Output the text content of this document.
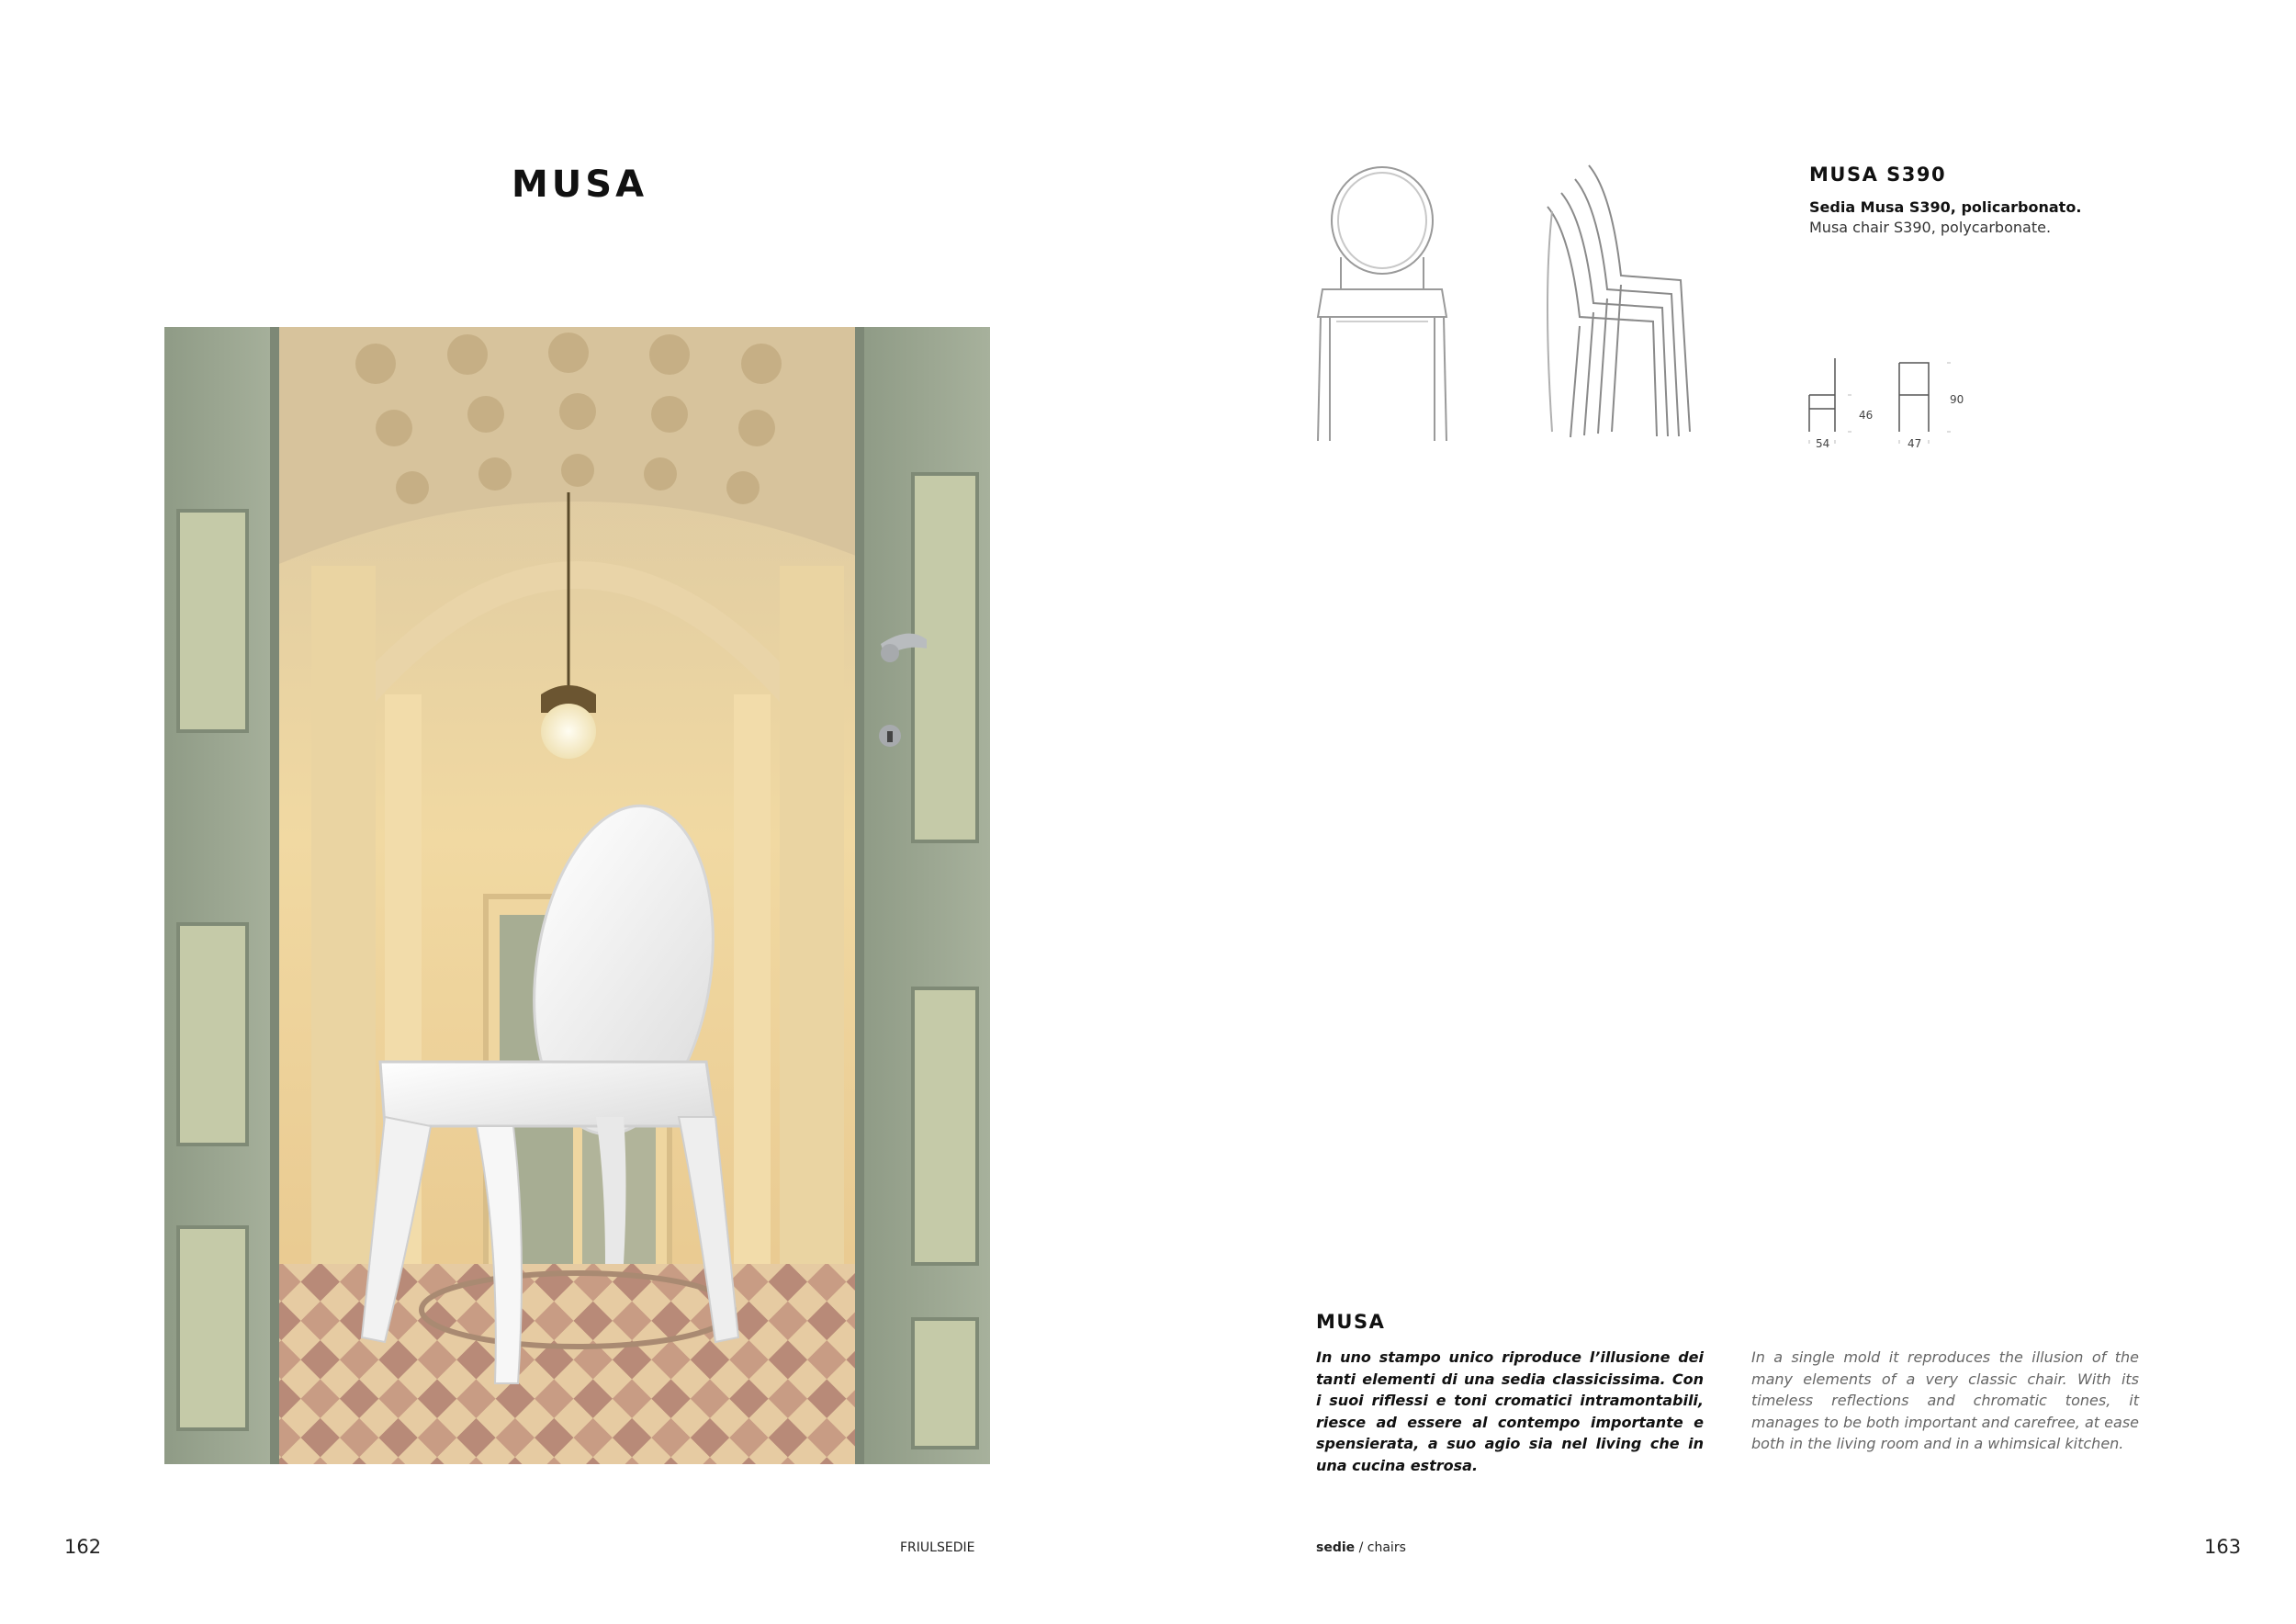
MUSA
162	FRIULSEDIE
MUSA S390
Sedia Musa S390, policarbonato.
Musa chair S390, polycarbonate.
46
90
54	47
MUSA
In uno stampo unico riproduce l’illusione dei tanti elementi di una sedia classicissima. Con i suoi riflessi e toni cromatici intramontabili, riesce ad essere al contempo importante e spensierata, a suo agio sia nel living che in una cucina estrosa.
In a single mold it reproduces the illusion of the many elements of a very classic chair. With its timeless reflections and chromatic tones, it manages to be both important and carefree, at ease both in the living room and in a whimsical kitchen.
sedie / chairs	163
